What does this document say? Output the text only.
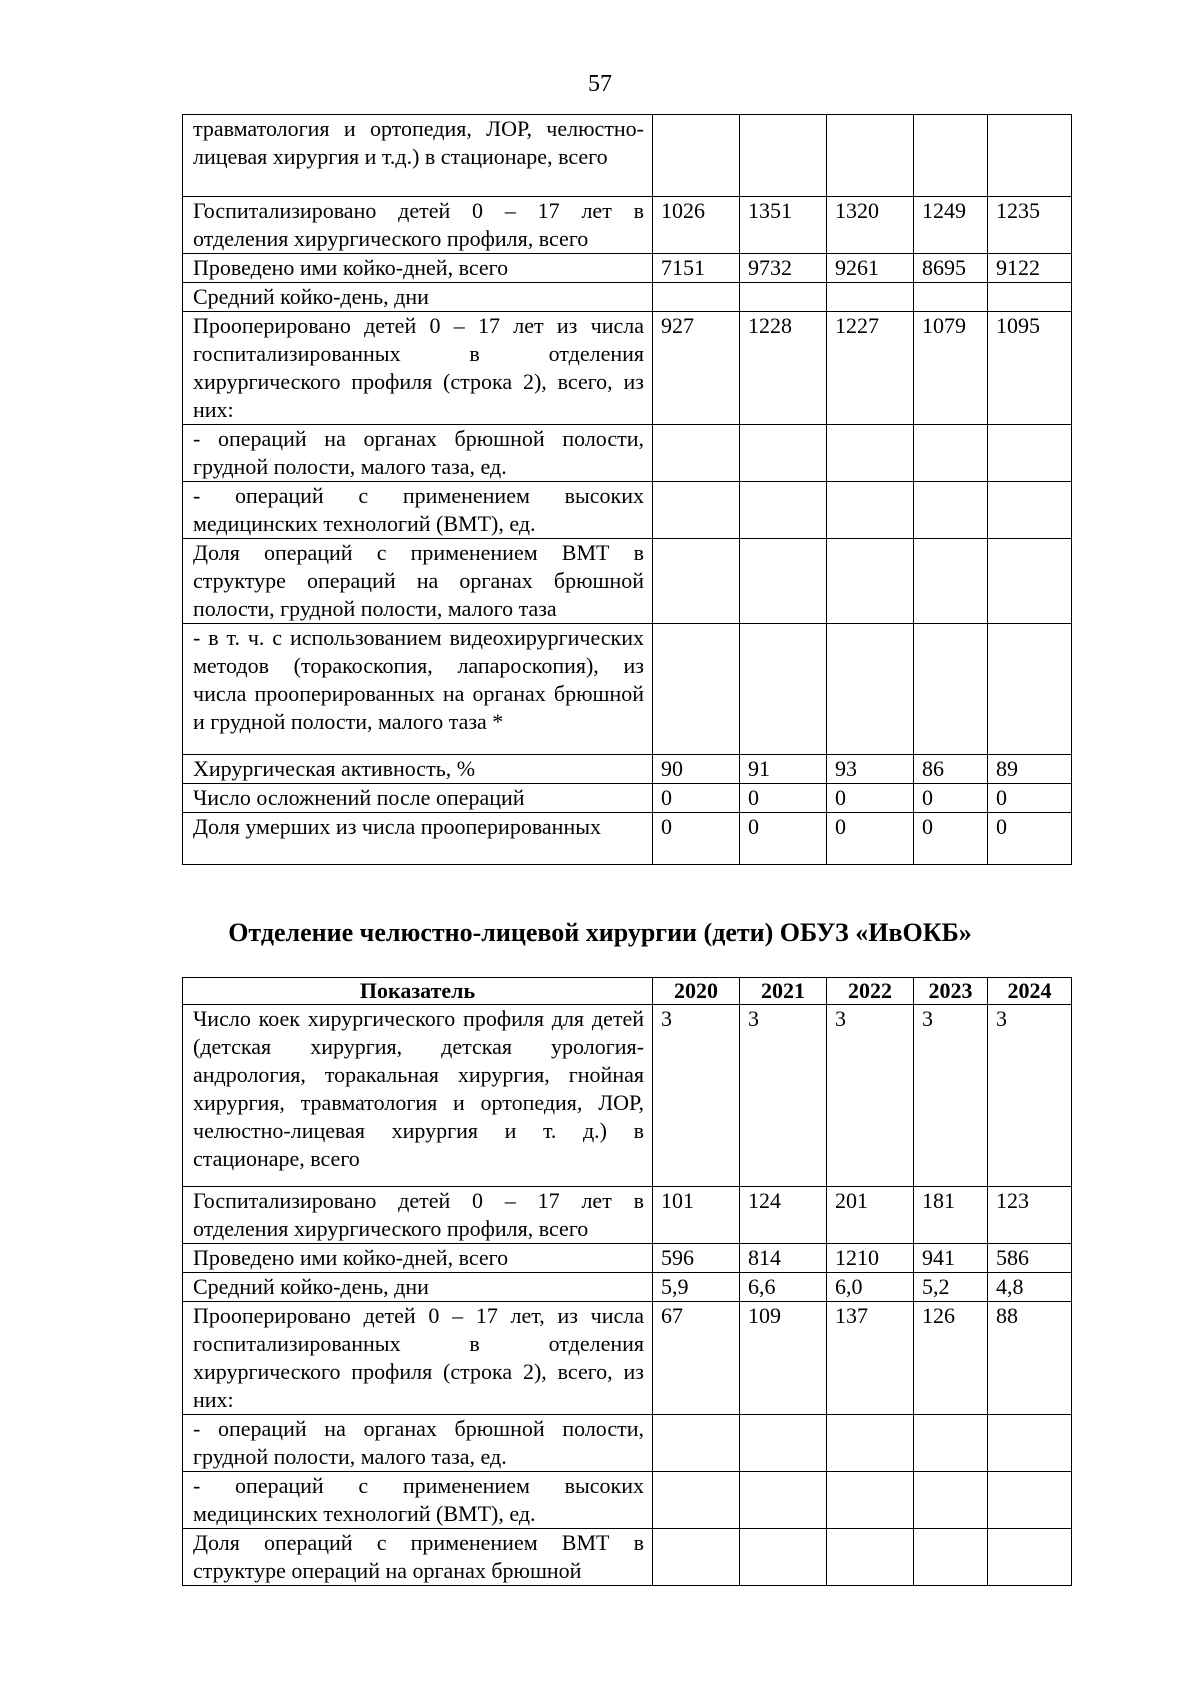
57
травматология и ортопедия, ЛОР, челюстно-лицевая хирургия и т.д.) в стационаре, всего					
Госпитализировано детей 0 – 17 лет в отделения хирургического профиля, всего	1026	1351	1320	1249	1235
Проведено ими койко-дней, всего	7151	9732	9261	8695	9122
Средний койко-день, дни					
Прооперировано детей 0 – 17 лет из числа госпитализированных в отделения хирургического профиля (строка 2), всего, из них:	927	1228	1227	1079	1095
- операций на органах брюшной полости, грудной полости, малого таза, ед.					
- операций с применением высоких медицинских технологий (ВМТ), ед.					
Доля операций с применением ВМТ в структуре операций на органах брюшной полости, грудной полости, малого таза					
- в т. ч. с использованием видеохирургических методов (торакоскопия, лапароскопия), из числа прооперированных на органах брюшной и грудной полости, малого таза *					
Хирургическая активность, %	90	91	93	86	89
Число осложнений после операций	0	0	0	0	0
Доля умерших из числа прооперированных	0	0	0	0	0
Отделение челюстно-лицевой хирургии (дети) ОБУЗ «ИвОКБ»
Показатель	2020	2021	2022	2023	2024
Число коек хирургического профиля для детей (детская хирургия, детская урология-андрология, торакальная хирургия, гнойная хирургия, травматология и ортопедия, ЛОР, челюстно-лицевая хирургия и т. д.) в стационаре, всего	3	3	3	3	3
Госпитализировано детей 0 – 17 лет в отделения хирургического профиля, всего	101	124	201	181	123
Проведено ими койко-дней, всего	596	814	1210	941	586
Средний койко-день, дни	5,9	6,6	6,0	5,2	4,8
Прооперировано детей 0 – 17 лет, из числа госпитализированных в отделения хирургического профиля (строка 2), всего, из них:	67	109	137	126	88
- операций на органах брюшной полости, грудной полости, малого таза, ед.					
- операций с применением высоких медицинских технологий (ВМТ), ед.					
Доля операций с применением ВМТ в структуре операций на органах брюшной					
